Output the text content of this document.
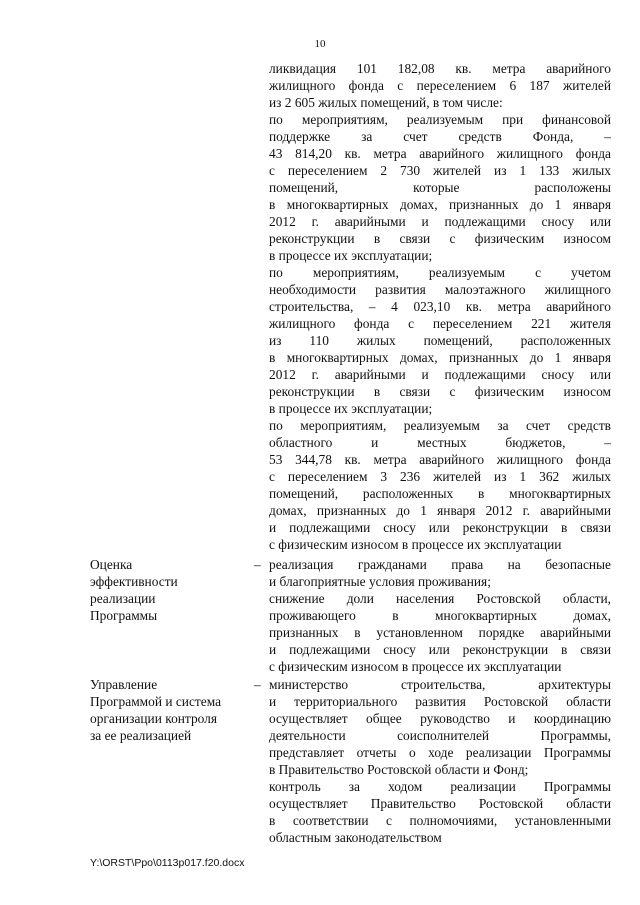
10
ликвидация 101 182,08 кв. метра аварийного
жилищного фонда с переселением 6 187 жителей
из 2 605 жилых помещений, в том числе:
по мероприятиям, реализуемым при финансовой
поддержке за счет средств Фонда, –
43 814,20 кв. метра аварийного жилищного фонда
с переселением 2 730 жителей из 1 133 жилых
помещений, которые расположены
в многоквартирных домах, признанных до 1 января
2012 г. аварийными и подлежащими сносу или
реконструкции в связи с физическим износом
в процессе их эксплуатации;
по мероприятиям, реализуемым с учетом
необходимости развития малоэтажного жилищного
строительства, – 4 023,10 кв. метра аварийного
жилищного фонда с переселением 221 жителя
из 110 жилых помещений, расположенных
в многоквартирных домах, признанных до 1 января
2012 г. аварийными и подлежащими сносу или
реконструкции в связи с физическим износом
в процессе их эксплуатации;
по мероприятиям, реализуемым за счет средств
областного и местных бюджетов, –
53 344,78 кв. метра аварийного жилищного фонда
с переселением 3 236 жителей из 1 362 жилых
помещений, расположенных в многоквартирных
домах, признанных до 1 января 2012 г. аварийными
и подлежащими сносу или реконструкции в связи
с физическим износом в процессе их эксплуатации
Оценка
эффективности
реализации
Программы
– реализация гражданами права на безопасные
и благоприятные условия проживания;
снижение доли населения Ростовской области,
проживающего в многоквартирных домах,
признанных в установленном порядке аварийными
и подлежащими сносу или реконструкции в связи
с физическим износом в процессе их эксплуатации
Управление
Программой и система
организации контроля
за ее реализацией
– министерство строительства, архитектуры
и территориального развития Ростовской области
осуществляет общее руководство и координацию
деятельности соисполнителей Программы,
представляет отчеты о ходе реализации Программы
в Правительство Ростовской области и Фонд;
контроль за ходом реализации Программы
осуществляет Правительство Ростовской области
в соответствии с полномочиями, установленными
областным законодательством
Y:\ORST\Ppo\0113p017.f20.docx
